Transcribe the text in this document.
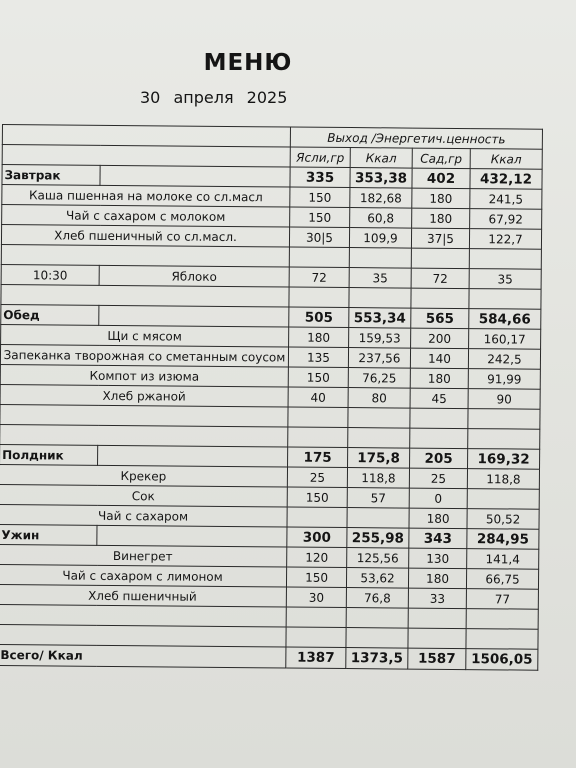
МЕНЮ
30 апреля 2025
		Выход /Энергетич.ценность			
		Ясли,гр	Ккал	Сад,гр	Ккал
Завтрак		335	353,38	402	432,12
Каша пшенная на молоке со сл.масл		150	182,68	180	241,5
Чай с сахаром с молоком		150	60,8	180	67,92
Хлеб пшеничный со сл.масл.		30|5	109,9	37|5	122,7

10:30	Яблоко	72	35	72	35

Обед		505	553,34	565	584,66
Щи с мясом		180	159,53	200	160,17
Запеканка творожная со сметанным соусом		135	237,56	140	242,5
Компот из изюма		150	76,25	180	91,99
Хлеб ржаной		40	80	45	90

Полдник		175	175,8	205	169,32
Крекер		25	118,8	25	118,8
Сок		150	57	0	
Чай с сахаром				180	50,52
Ужин		300	255,98	343	284,95
Винегрет		120	125,56	130	141,4
Чай с сахаром с лимоном		150	53,62	180	66,75
Хлеб пшеничный		30	76,8	33	77

Всего/ Ккал		1387	1373,5	1587	1506,05
